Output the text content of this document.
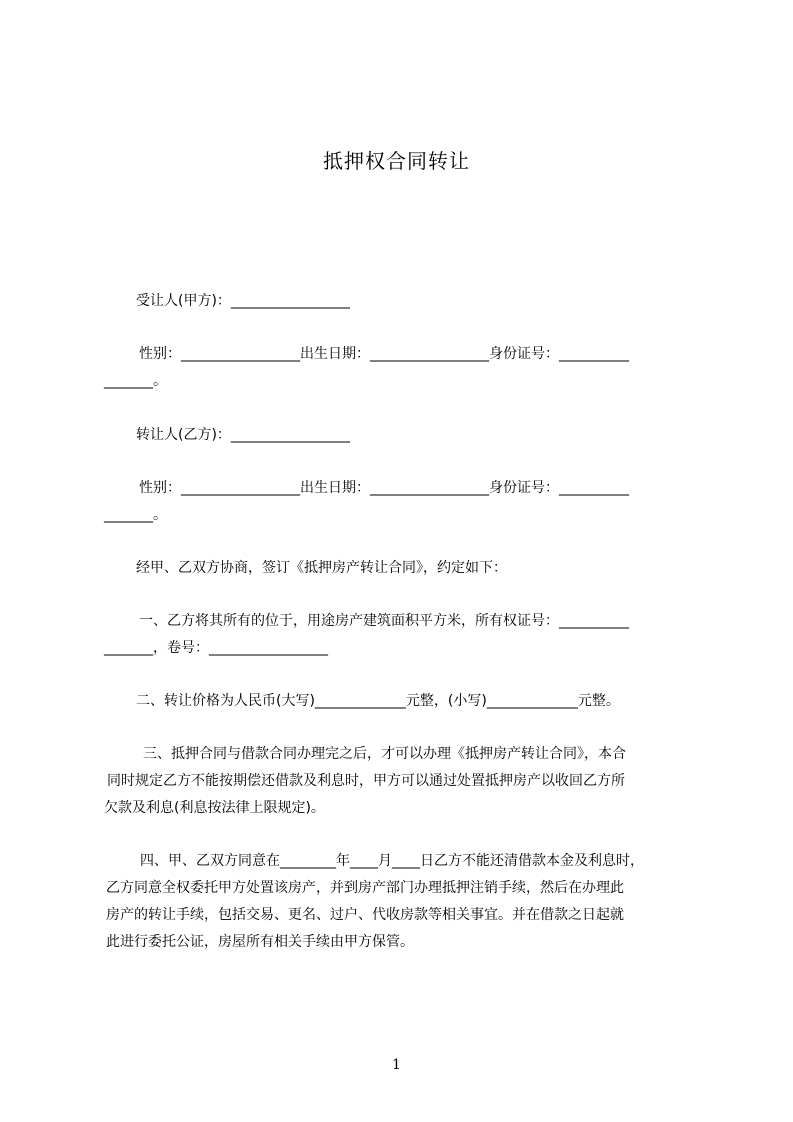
抵押权合同转让
受让人(甲方)：_________________
性别：_________________出生日期：_________________身份证号：__________
_______。
转让人(乙方)：_________________
性别：_________________出生日期：_________________身份证号：__________
_______。
经甲、乙双方协商，签订《抵押房产转让合同》，约定如下：
一、乙方将其所有的位于，用途房产建筑面积平方米，所有权证号：__________
_______，卷号：_________________
二、转让价格为人民币(大写)_____________元整，(小写)_____________元整。
三、抵押合同与借款合同办理完之后，才可以办理《抵押房产转让合同》，本合
同时规定乙方不能按期偿还借款及利息时，甲方可以通过处置抵押房产以收回乙方所
欠款及利息(利息按法律上限规定)。
四、甲、乙双方同意在________年____月____日乙方不能还清借款本金及利息时，
乙方同意全权委托甲方处置该房产，并到房产部门办理抵押注销手续，然后在办理此
房产的转让手续，包括交易、更名、过户、代收房款等相关事宜。并在借款之日起就
此进行委托公证，房屋所有相关手续由甲方保管。
1
